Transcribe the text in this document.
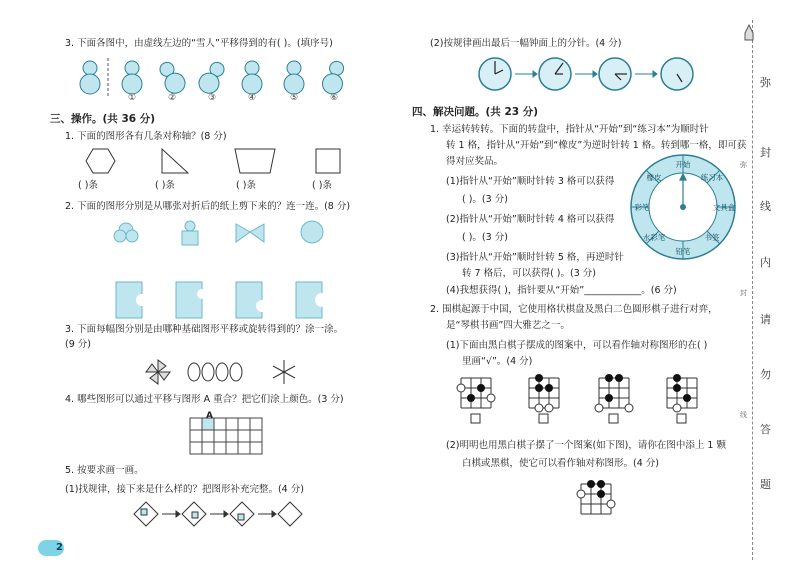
3. 下面各图中，由虚线左边的“雪人”平移得到的有( )。(填序号)
①	②	③	④	⑤	⑥
三、操作。(共 36 分)
1. 下面的图形各有几条对称轴？(8 分)
( )条	( )条	( )条	( )条
2. 下面的图形分别是从哪张对折后的纸上剪下来的？连一连。(8 分)
3. 下面每幅图分别是由哪种基础图形平移或旋转得到的？涂一涂。
(9 分)
4. 哪些图形可以通过平移与图形 A 重合？把它们涂上颜色。(3 分)
A
5. 按要求画一画。
(1)找规律，接下来是什么样的？把图形补充完整。(4 分)
2
(2)按规律画出最后一幅钟面上的分针。(4 分)
四、解决问题。(共 23 分)
1. 幸运转转转。下面的转盘中，指针从“开始”到“练习本”为顺时针
转 1 格，指针从“开始”到“橡皮”为逆时针转 1 格。转到哪一格，即可获
得对应奖品。
(1)指针从“开始”顺时针转 3 格可以获得
( )。(3 分)
(2)指针从“开始”顺时针转 4 格可以获得
( )。(3 分)
(3)指针从“开始”顺时针转 5 格，再逆时针
转 7 格后，可以获得( )。(3 分)
(4)我想获得( )，指针要从“开始”____________。(6 分)
开始
练习本
文具盒
书签
铅笔
水彩笔
彩笔
橡皮
2. 围棋起源于中国，它使用格状棋盘及黑白二色圆形棋子进行对弈，
是“琴棋书画”四大雅艺之一。
(1)下面由黑白棋子摆成的图案中，可以看作轴对称图形的在( )
里画“√”。(4 分)
(2)明明也用黑白棋子摆了一个图案(如下图)，请你在图中添上 1 颗
白棋或黑棋，使它可以看作轴对称图形。(4 分)
弥
封
线
内
请
勿
答
题
弥
封
线
